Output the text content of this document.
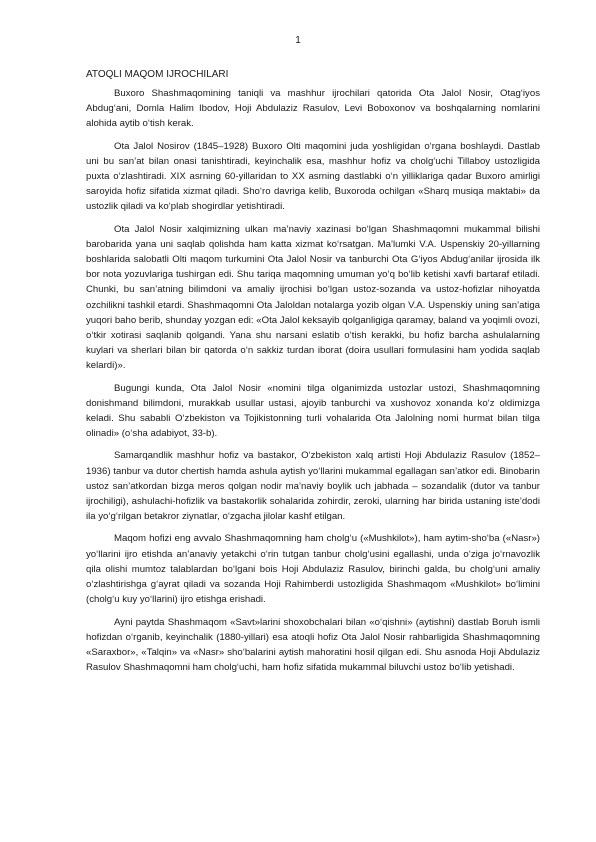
1
ATOQLI MAQOM IJROCHILARI

Buxoro Shashmaqomining taniqli va mashhur ijrochilari qatorida Ota Jalol Nosir, Otag‘iyos Abdug‘ani, Domla Halim Ibodov, Hoji Abdulaziz Rasulov, Levi Boboxonov va boshqalarning nomlarini alohida aytib o‘tish kerak.

Ota Jalol Nosirov (1845–1928) Buxoro Olti maqomini juda yoshligidan o‘rgana boshlaydi. Dastlab uni bu san’at bilan onasi tanishtiradi, keyinchalik esa, mashhur hofiz va cholg‘uchi Tillaboy ustozligida puxta o‘zlashtiradi. XIX asrning 60-yillaridan to XX asrning dastlabki o‘n yilliklariga qadar Buxoro amirligi saroyida hofiz sifatida xizmat qiladi. Sho‘ro davriga kelib, Buxoroda ochilgan «Sharq musiqa maktabi» da ustozlik qiladi va ko‘plab shogirdlar yetishtiradi.

Ota Jalol Nosir xalqimizning ulkan ma’naviy xazinasi bo‘lgan Shashmaqomni mukammal bilishi barobarida yana uni saqlab qolishda ham katta xizmat ko‘rsatgan. Ma’lumki V.A. Uspenskiy 20-yillarning boshlarida salobatli Olti maqom turkumini Ota Jalol Nosir va tanburchi Ota G‘iyos Abdug‘anilar ijrosida ilk bor nota yozuvlariga tushirgan edi. Shu tariqa maqomning umuman yo‘q bo‘lib ketishi xavfi bartaraf etiladi. Chunki, bu san’atning bilimdoni va amaliy ijrochisi bo‘lgan ustoz-sozanda va ustoz-hofizlar nihoyatda ozchilikni tashkil etardi. Shashmaqomni Ota Jaloldan notalarga yozib olgan V.A. Uspenskiy uning san’atiga yuqori baho berib, shunday yozgan edi: «Ota Jalol keksayib qolganligiga qaramay, baland va yoqimli ovozi, o‘tkir xotirasi saqlanib qolgandi. Yana shu narsani eslatib o‘tish kerakki, bu hofiz barcha ashulalarning kuylari va sherlari bilan bir qatorda o‘n sakkiz turdan iborat (doira usullari formulasini ham yodida saqlab kelardi)».

Bugungi kunda, Ota Jalol Nosir «nomini tilga olganimizda ustozlar ustozi, Shashmaqomning donishmand bilimdoni, murakkab usullar ustasi, ajoyib tanburchi va xushovoz xonanda ko‘z oldimizga keladi. Shu sababli O‘zbekiston va Tojikistonning turli vohalarida Ota Jalolning nomi hurmat bilan tilga olinadi» (o‘sha adabiyot, 33-b).

Samarqandlik mashhur hofiz va bastakor, O‘zbekiston xalq artisti Hoji Abdulaziz Rasulov (1852–1936) tanbur va dutor chertish hamda ashula aytish yo‘llarini mukammal egallagan san’atkor edi. Binobarin ustoz san’atkordan bizga meros qolgan nodir ma’naviy boylik uch jabhada – sozandalik (dutor va tanbur ijrochiligi), ashulachi-hofizlik va bastakorlik sohalarida zohirdir, zeroki, ularning har birida ustaning iste’dodi ila yo‘g‘rilgan betakror ziynatlar, o‘zgacha jilolar kashf etilgan.

Maqom hofizi eng avvalo Shashmaqomning ham cholg‘u («Mushkilot»), ham aytim-sho‘ba («Nasr») yo‘llarini ijro etishda an’anaviy yetakchi o‘rin tutgan tanbur cholg‘usini egallashi, unda o‘ziga jo‘rnavozlik qila olishi mumtoz talablardan bo‘lgani bois Hoji Abdulaziz Rasulov, birinchi galda, bu cholg‘uni amaliy o‘zlashtirishga g‘ayrat qiladi va sozanda Hoji Rahimberdi ustozligida Shashmaqom «Mushkilot» bo‘limini (cholg‘u kuy yo‘llarini) ijro etishga erishadi.

Ayni paytda Shashmaqom «Savt»larini shoxobchalari bilan «o‘qishni» (aytishni) dastlab Boruh ismli hofizdan o‘rganib, keyinchalik (1880-yillari) esa atoqli hofiz Ota Jalol Nosir rahbarligida Shashmaqomning «Saraxbor», «Talqin» va «Nasr» sho‘balarini aytish mahoratini hosil qilgan edi. Shu asnoda Hoji Abdulaziz Rasulov Shashmaqomni ham cholg‘uchi, ham hofiz sifatida mukammal biluvchi ustoz bo‘lib yetishadi.
